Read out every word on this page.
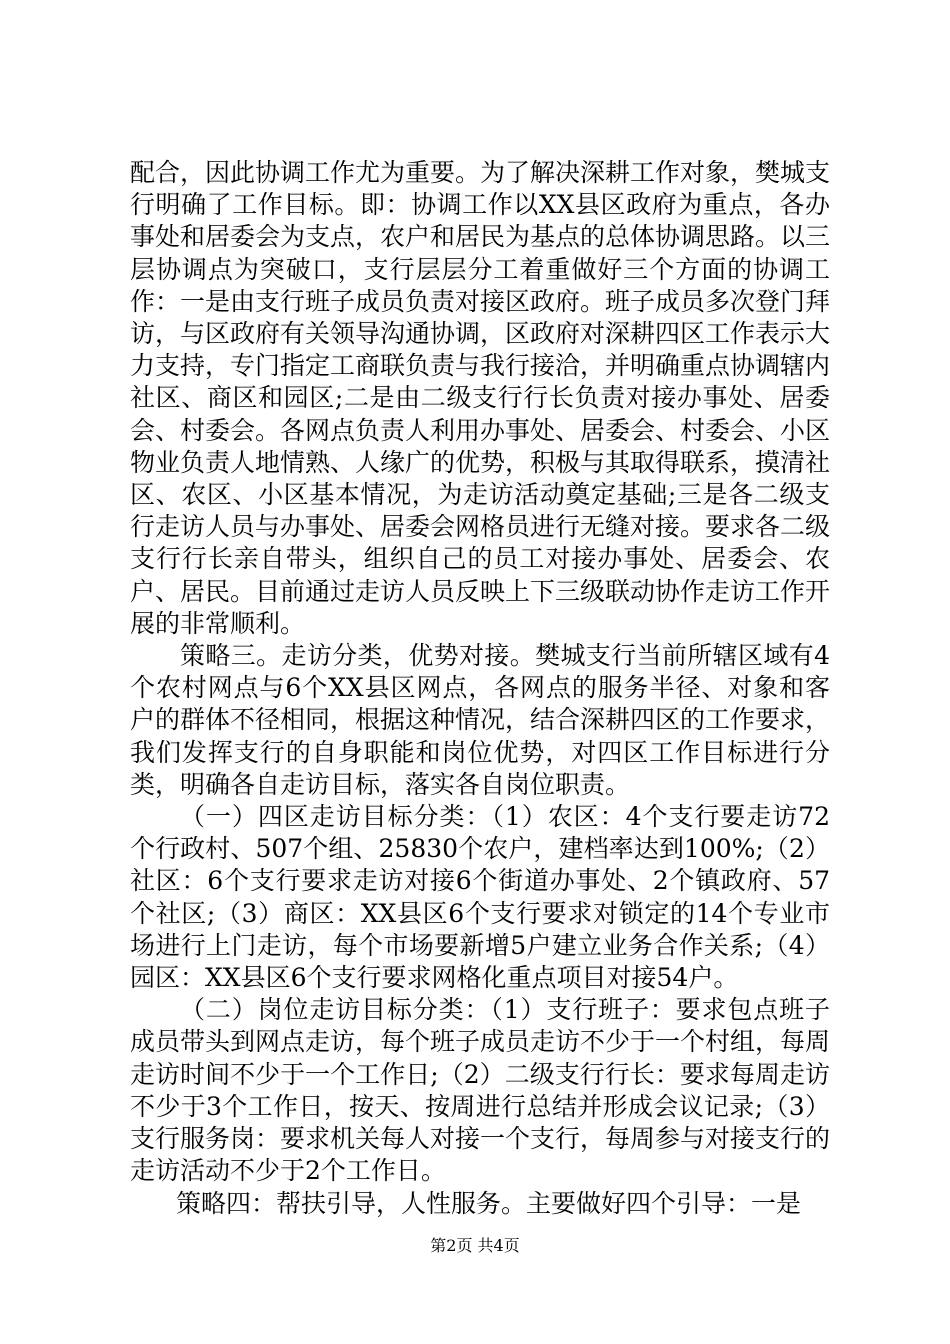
配合，因此协调工作尤为重要。为了解决深耕工作对象，樊城支行明确了工作目标。即：协调工作以XX县区政府为重点，各办事处和居委会为支点，农户和居民为基点的总体协调思路。以三层协调点为突破口，支行层层分工着重做好三个方面的协调工作：一是由支行班子成员负责对接区政府。班子成员多次登门拜访，与区政府有关领导沟通协调，区政府对深耕四区工作表示大力支持，专门指定工商联负责与我行接洽，并明确重点协调辖内社区、商区和园区;二是由二级支行行长负责对接办事处、居委会、村委会。各网点负责人利用办事处、居委会、村委会、小区物业负责人地情熟、人缘广的优势，积极与其取得联系，摸清社区、农区、小区基本情况，为走访活动奠定基础;三是各二级支行走访人员与办事处、居委会网格员进行无缝对接。要求各二级支行行长亲自带头，组织自己的员工对接办事处、居委会、农户、居民。目前通过走访人员反映上下三级联动协作走访工作开展的非常顺利。

策略三。走访分类，优势对接。樊城支行当前所辖区域有4个农村网点与6个XX县区网点，各网点的服务半径、对象和客户的群体不径相同，根据这种情况，结合深耕四区的工作要求，我们发挥支行的自身职能和岗位优势，对四区工作目标进行分类，明确各自走访目标，落实各自岗位职责。

（一）四区走访目标分类：（1）农区：4个支行要走访72个行政村、507个组、25830个农户，建档率达到100%;（2）社区：6个支行要求走访对接6个街道办事处、2个镇政府、57个社区;（3）商区：XX县区6个支行要求对锁定的14个专业市场进行上门走访，每个市场要新增5户建立业务合作关系;（4）园区：XX县区6个支行要求网格化重点项目对接54户。

（二）岗位走访目标分类：（1）支行班子：要求包点班子成员带头到网点走访，每个班子成员走访不少于一个村组，每周走访时间不少于一个工作日;（2）二级支行行长：要求每周走访不少于3个工作日，按天、按周进行总结并形成会议记录;（3）支行服务岗：要求机关每人对接一个支行，每周参与对接支行的走访活动不少于2个工作日。

策略四：帮扶引导，人性服务。主要做好四个引导：一是

第2页 共4页
